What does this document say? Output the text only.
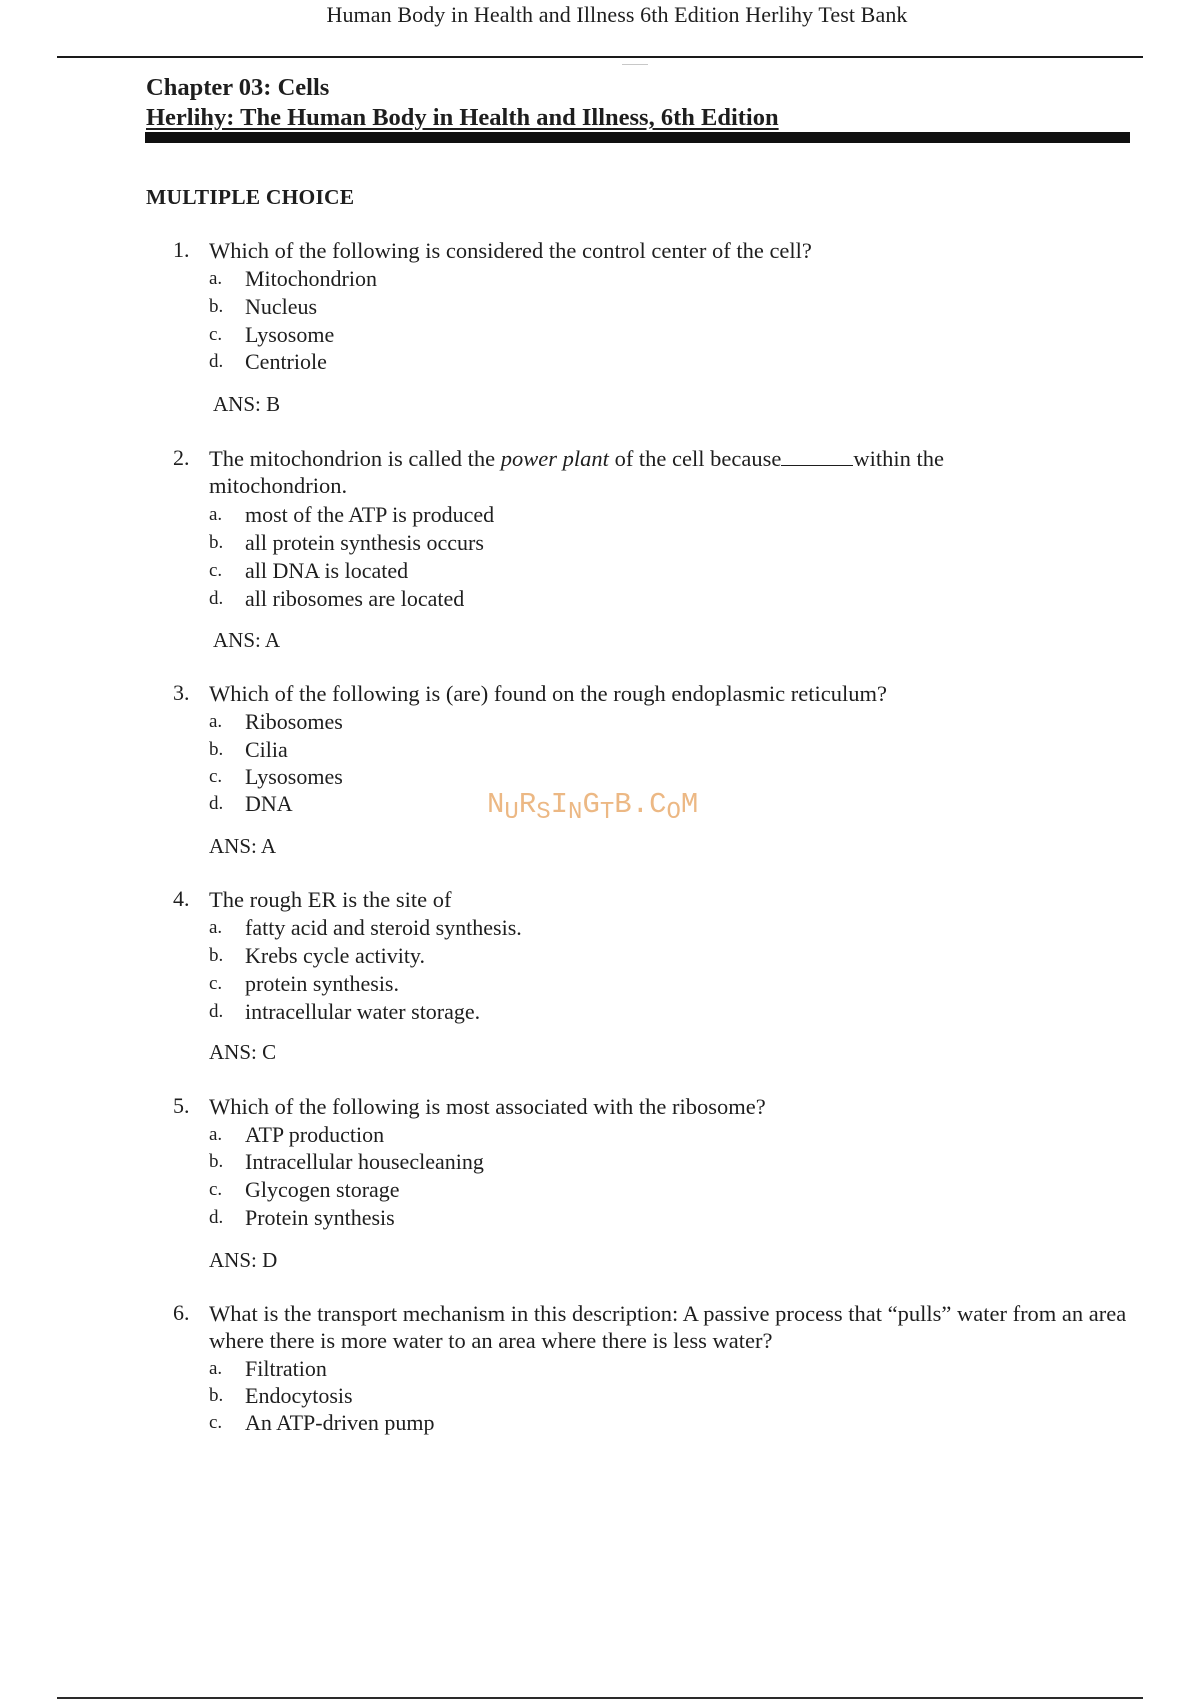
Human Body in Health and Illness 6th Edition Herlihy Test Bank
Chapter 03: Cells
Herlihy: The Human Body in Health and Illness, 6th Edition
MULTIPLE CHOICE
1. Which of the following is considered the control center of the cell?
a. Mitochondrion
b. Nucleus
c. Lysosome
d. Centriole
ANS: B
2. The mitochondrion is called the power plant of the cell because	within the mitochondrion.
a. most of the ATP is produced
b. all protein synthesis occurs
c. all DNA is located
d. all ribosomes are located
ANS: A
3. Which of the following is (are) found on the rough endoplasmic reticulum?
a. Ribosomes
b. Cilia
c. Lysosomes
d. DNA
ANS: A
NURSINGTB.COM
4. The rough ER is the site of
a. fatty acid and steroid synthesis.
b. Krebs cycle activity.
c. protein synthesis.
d. intracellular water storage.
ANS: C
5. Which of the following is most associated with the ribosome?
a. ATP production
b. Intracellular housecleaning
c. Glycogen storage
d. Protein synthesis
ANS: D
6. What is the transport mechanism in this description: A passive process that “pulls” water from an area where there is more water to an area where there is less water?
a. Filtration
b. Endocytosis
c. An ATP-driven pump
